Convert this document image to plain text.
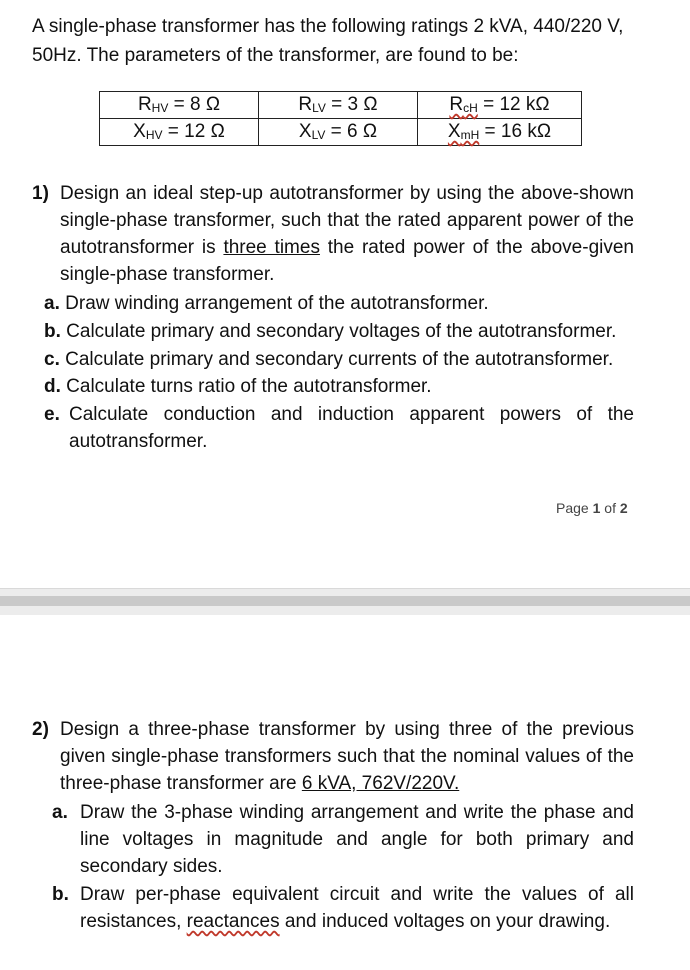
A single-phase transformer has the following ratings 2 kVA, 440/220 V, 50Hz. The parameters of the transformer, are found to be:
$R_{HV} = 8$ Ω	$R_{LV} = 3$ Ω	$R_{cH} = 12$ kΩ
$X_{HV} = 12$ Ω	$X_{LV} = 6$ Ω	$X_{mH} = 16$ kΩ
1) Design an ideal step-up autotransformer by using the above-shown single-phase transformer, such that the rated apparent power of the autotransformer is three times the rated power of the above-given single-phase transformer.
a. Draw winding arrangement of the autotransformer.
b. Calculate primary and secondary voltages of the autotransformer.
c. Calculate primary and secondary currents of the autotransformer.
d. Calculate turns ratio of the autotransformer.
e. Calculate conduction and induction apparent powers of the autotransformer.
Page 1 of 2
2) Design a three-phase transformer by using three of the previous given single-phase transformers such that the nominal values of the three-phase transformer are 6 kVA, 762V/220V.
a. Draw the 3-phase winding arrangement and write the phase and line voltages in magnitude and angle for both primary and secondary sides.
b. Draw per-phase equivalent circuit and write the values of all resistances, reactances and induced voltages on your drawing.
